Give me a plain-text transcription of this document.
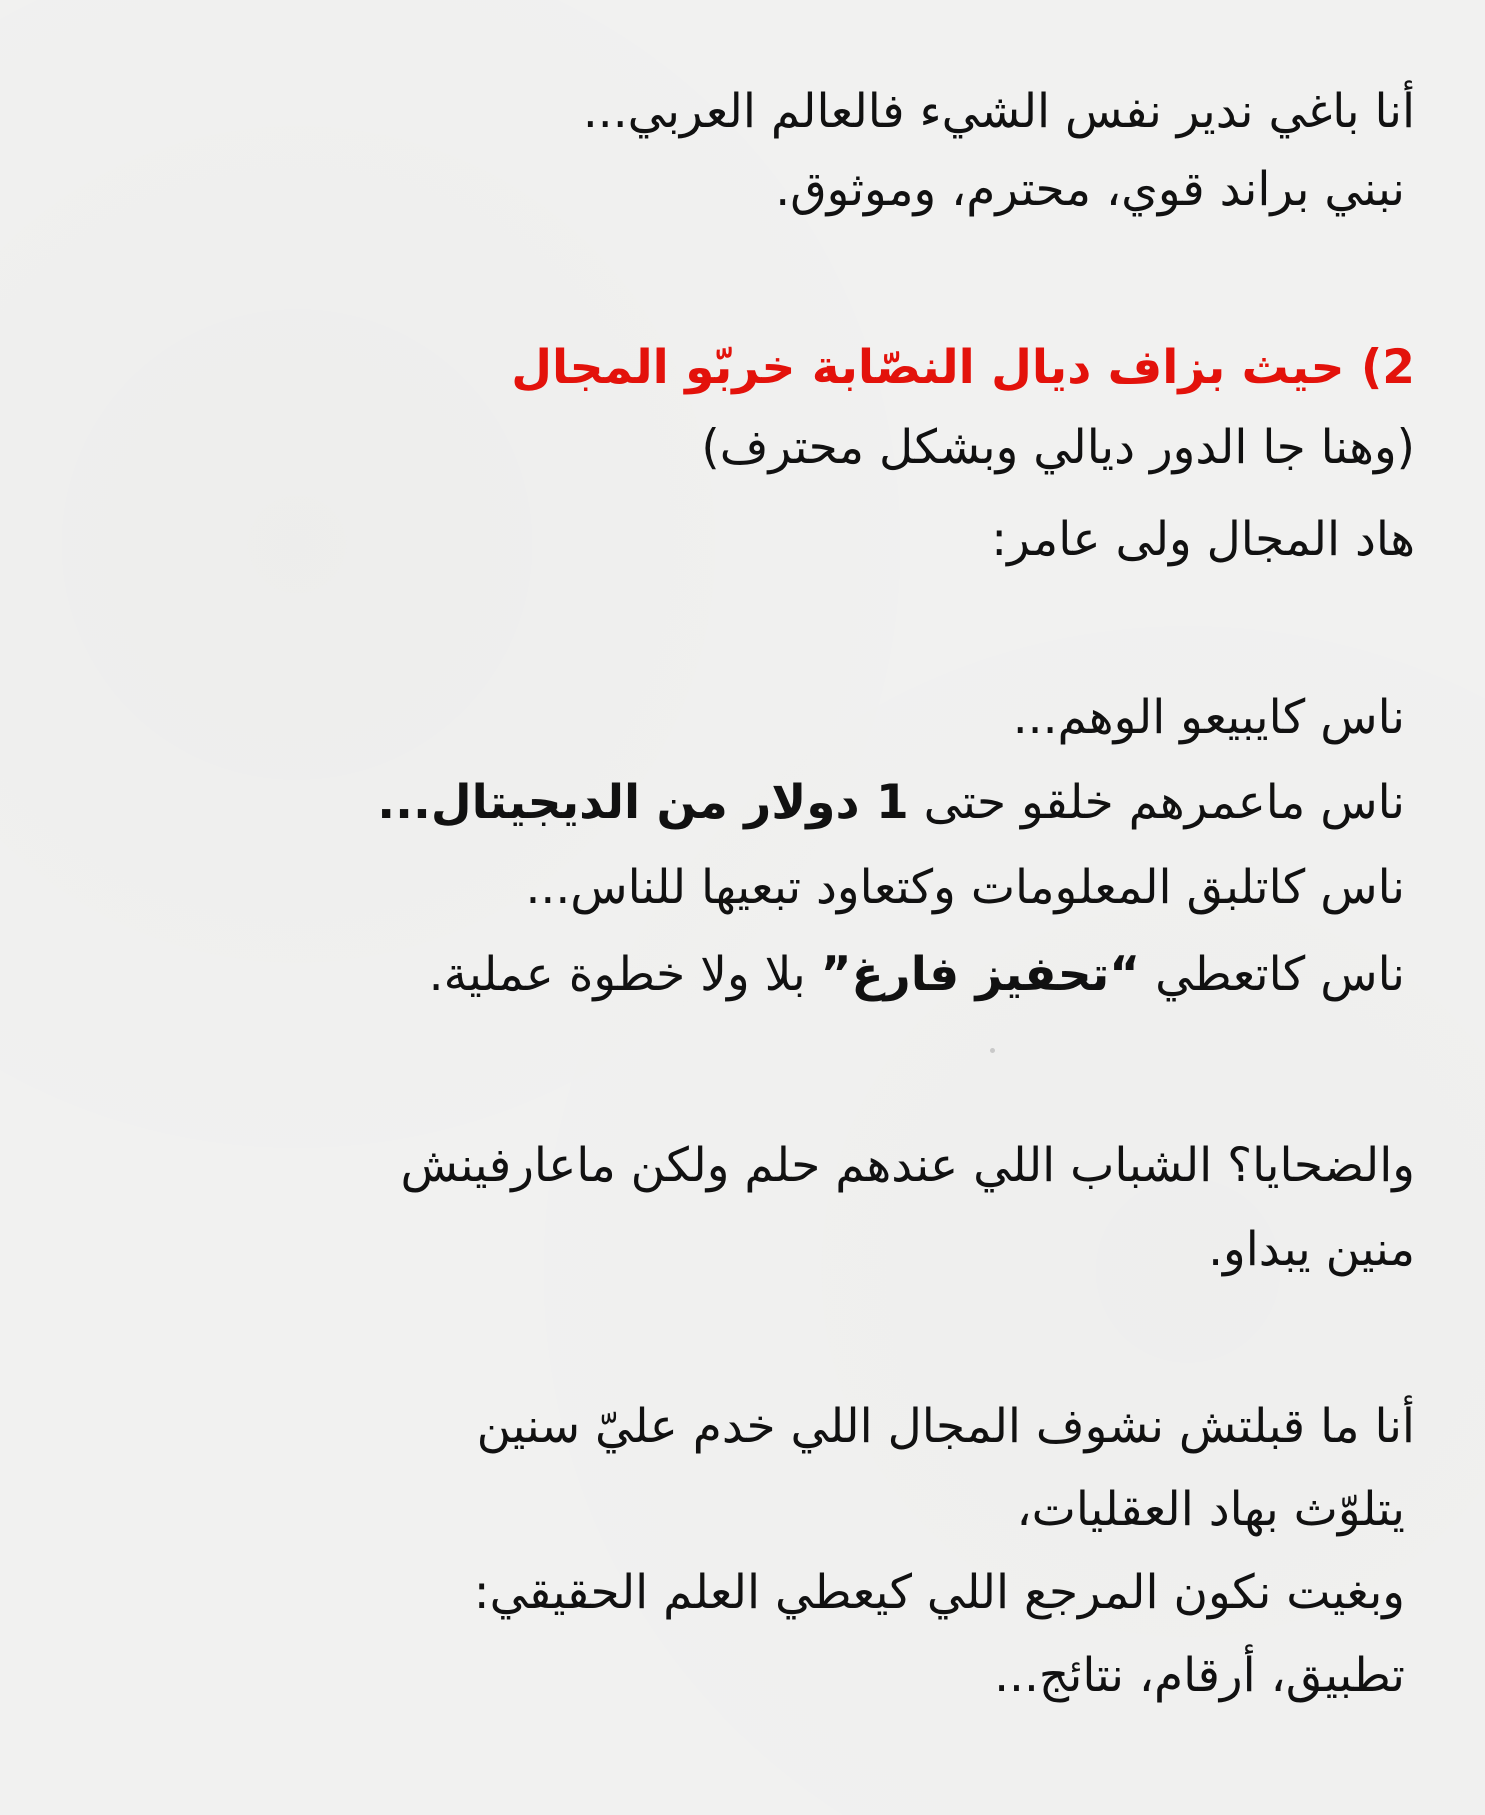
أنا باغي ندير نفس الشيء فالعالم العربي...
نبني براند قوي، محترم، وموثوق.
2) حيث بزاف ديال النصّابة خربّو المجال
(وهنا جا الدور ديالي وبشكل محترف)
هاد المجال ولى عامر:
ناس كايبيعو الوهم...
ناس ماعمرهم خلقو حتى 1 دولار من الديجيتال...
ناس كاتلبق المعلومات وكتعاود تبعيها للناس...
ناس كاتعطي “تحفيز فارغ” بلا ولا خطوة عملية.
والضحايا؟ الشباب اللي عندهم حلم ولكن ماعارفينش
منين يبداو.
أنا ما قبلتش نشوف المجال اللي خدم عليّ سنين
يتلوّث بهاد العقليات،
وبغيت نكون المرجع اللي كيعطي العلم الحقيقي:
تطبيق، أرقام، نتائج...
